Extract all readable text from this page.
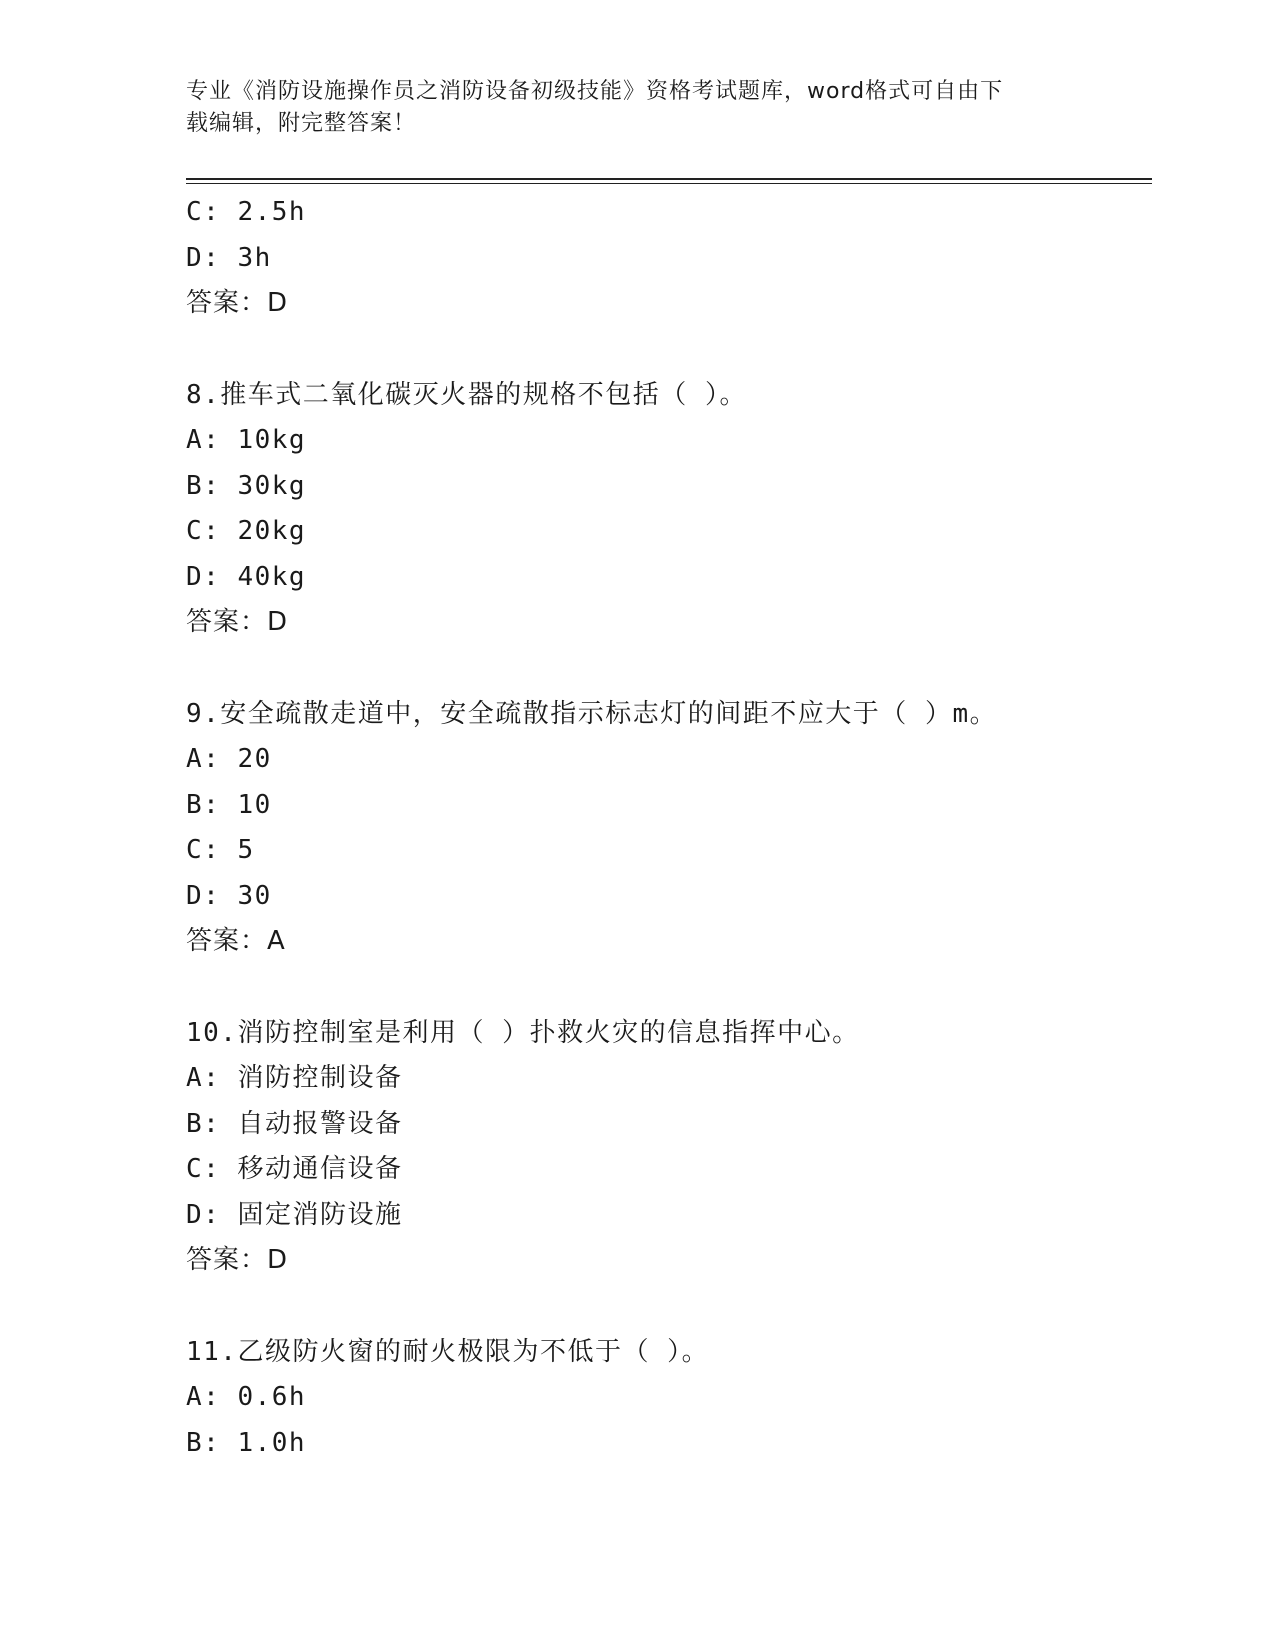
专业《消防设施操作员之消防设备初级技能》资格考试题库，word格式可自由下
载编辑，附完整答案！
C: 2.5h
D: 3h
答案：D
8.推车式二氧化碳灭火器的规格不包括（ ）。
A: 10kg
B: 30kg
C: 20kg
D: 40kg
答案：D
9.安全疏散走道中，安全疏散指示标志灯的间距不应大于（ ）m。
A: 20
B: 10
C: 5
D: 30
答案：A
10.消防控制室是利用（ ）扑救火灾的信息指挥中心。
A: 消防控制设备
B: 自动报警设备
C: 移动通信设备
D: 固定消防设施
答案：D
11.乙级防火窗的耐火极限为不低于（ ）。
A: 0.6h
B: 1.0h
